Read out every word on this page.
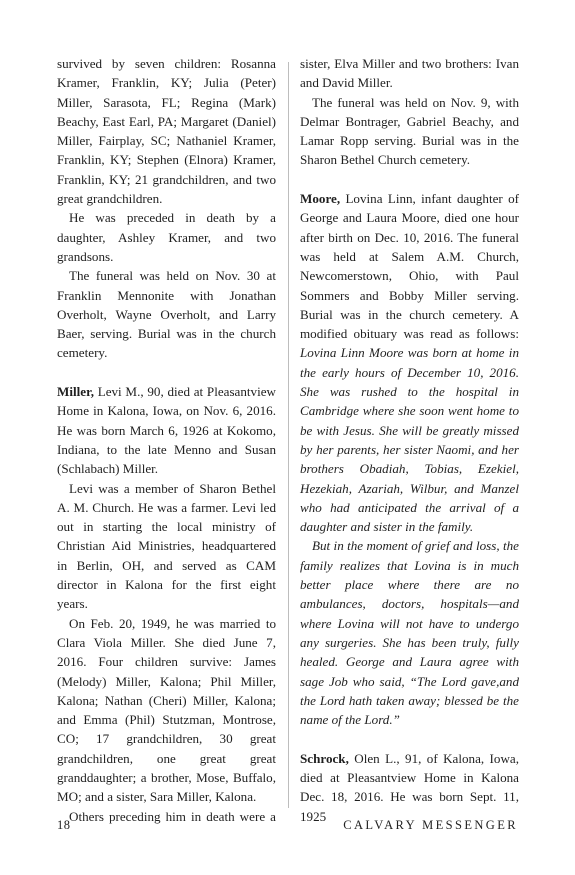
survived by seven children: Rosanna Kramer, Franklin, KY; Julia (Peter) Miller, Sarasota, FL; Regina (Mark) Beachy, East Earl, PA; Margaret (Daniel) Miller, Fairplay, SC; Nathaniel Kramer, Franklin, KY; Stephen (Elnora) Kramer, Franklin, KY; 21 grandchildren, and two great grandchildren.

He was preceded in death by a daughter, Ashley Kramer, and two grandsons.

The funeral was held on Nov. 30 at Franklin Mennonite with Jonathan Overholt, Wayne Overholt, and Larry Baer, serving. Burial was in the church cemetery.

Miller, Levi M., 90, died at Pleasantview Home in Kalona, Iowa, on Nov. 6, 2016. He was born March 6, 1926 at Kokomo, Indiana, to the late Menno and Susan (Schlabach) Miller.

Levi was a member of Sharon Bethel A. M. Church. He was a farmer. Levi led out in starting the local ministry of Christian Aid Ministries, headquartered in Berlin, OH, and served as CAM director in Kalona for the first eight years.

On Feb. 20, 1949, he was married to Clara Viola Miller. She died June 7, 2016. Four children survive: James (Melody) Miller, Kalona; Phil Miller, Kalona; Nathan (Cheri) Miller, Kalona; and Emma (Phil) Stutzman, Montrose, CO; 17 grandchildren, 30 great grandchildren, one great great granddaughter; a brother, Mose, Buffalo, MO; and a sister, Sara Miller, Kalona.

Others preceding him in death were a

sister, Elva Miller and two brothers: Ivan and David Miller.

The funeral was held on Nov. 9, with Delmar Bontrager, Gabriel Beachy, and Lamar Ropp serving. Burial was in the Sharon Bethel Church cemetery.

Moore, Lovina Linn, infant daughter of George and Laura Moore, died one hour after birth on Dec. 10, 2016. The funeral was held at Salem A.M. Church, Newcomerstown, Ohio, with Paul Sommers and Bobby Miller serving. Burial was in the church cemetery. A modified obituary was read as follows: Lovina Linn Moore was born at home in the early hours of December 10, 2016. She was rushed to the hospital in Cambridge where she soon went home to be with Jesus. She will be greatly missed by her parents, her sister Naomi, and her brothers Obadiah, Tobias, Ezekiel, Hezekiah, Azariah, Wilbur, and Manzel who had anticipated the arrival of a daughter and sister in the family.

But in the moment of grief and loss, the family realizes that Lovina is in much better place where there are no ambulances, doctors, hospitals—and where Lovina will not have to undergo any surgeries. She has been truly, fully healed. George and Laura agree with sage Job who said, “The Lord gave,and the Lord hath taken away; blessed be the name of the Lord.”

Schrock, Olen L., 91, of Kalona, Iowa, died at Pleasantview Home in Kalona Dec. 18, 2016. He was born Sept. 11, 1925

18	CALVARY MESSENGER
